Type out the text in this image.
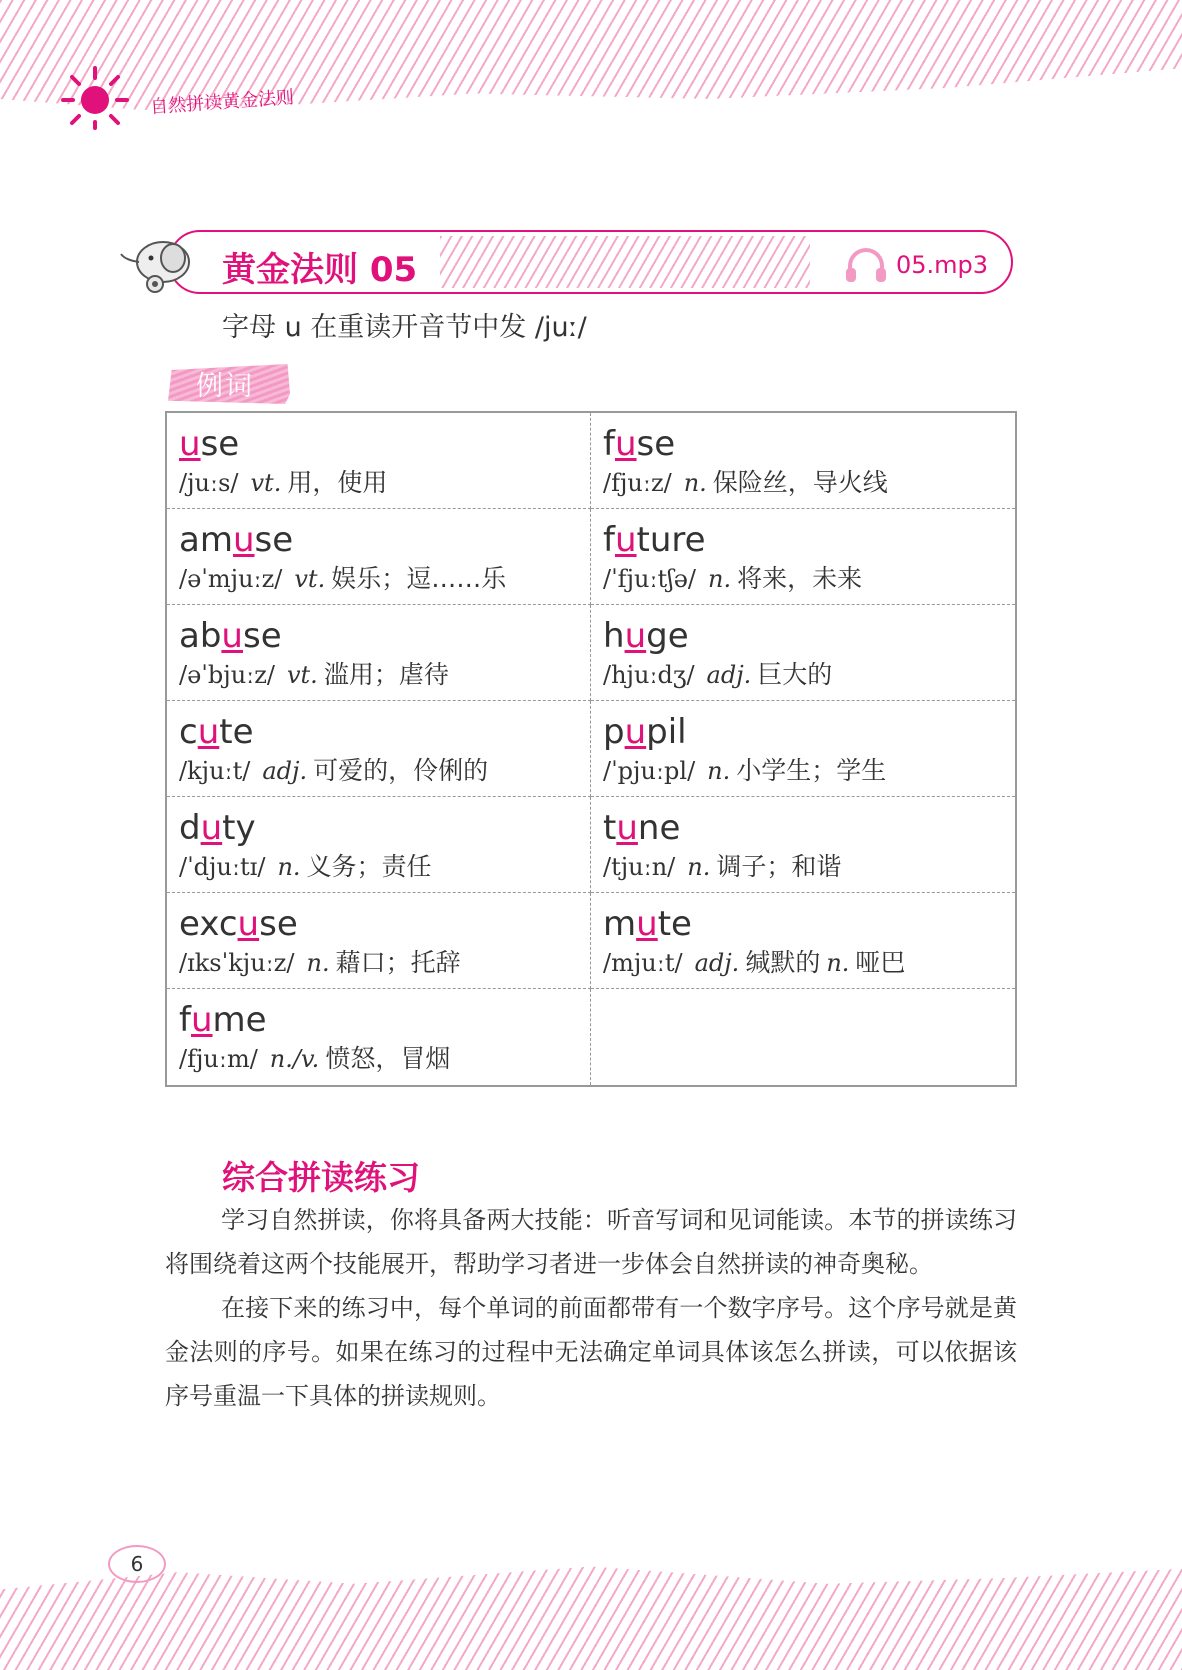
自然拼读黄金法则
黄金法则 05	05.mp3
字母 u 在重读开音节中发 /juː/
例词
use
/juːs/ vt. 用，使用
fuse
/fjuːz/ n. 保险丝，导火线
amuse
/əˈmjuːz/ vt. 娱乐；逗……乐
future
/ˈfjuːtʃə/ n. 将来，未来
abuse
/əˈbjuːz/ vt. 滥用；虐待
huge
/hjuːdʒ/ adj. 巨大的
cute
/kjuːt/ adj. 可爱的，伶俐的
pupil
/ˈpjuːpl/ n. 小学生；学生
duty
/ˈdjuːtɪ/ n. 义务；责任
tune
/tjuːn/ n. 调子；和谐
excuse
/ɪksˈkjuːz/ n. 藉口；托辞
mute
/mjuːt/ adj. 缄默的 n. 哑巴
fume
/fjuːm/ n./v. 愤怒，冒烟
综合拼读练习
学习自然拼读，你将具备两大技能：听音写词和见词能读。本节的拼读练习将围绕着这两个技能展开，帮助学习者进一步体会自然拼读的神奇奥秘。
在接下来的练习中，每个单词的前面都带有一个数字序号。这个序号就是黄金法则的序号。如果在练习的过程中无法确定单词具体该怎么拼读，可以依据该序号重温一下具体的拼读规则。
6
